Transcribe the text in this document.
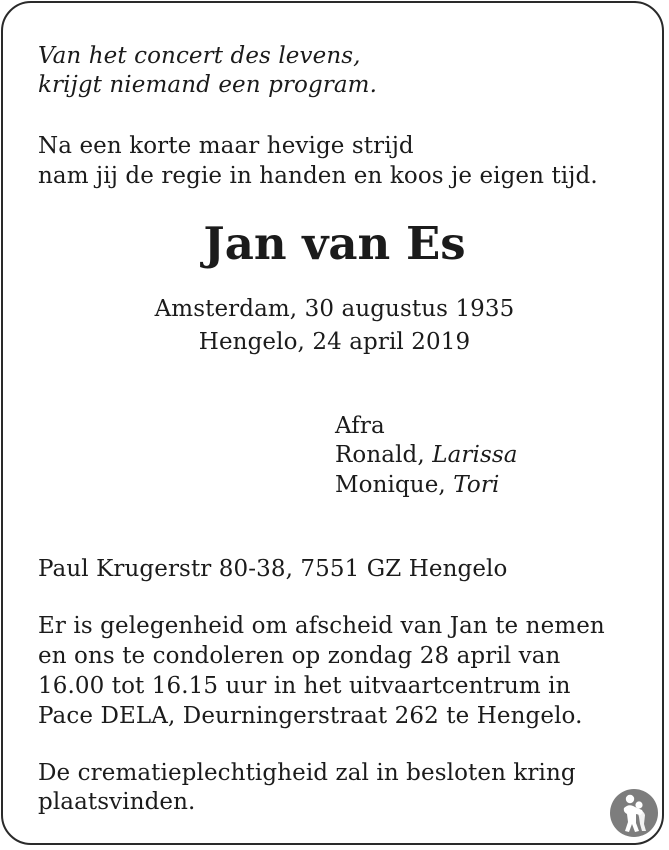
Van het concert des levens,

krijgt niemand een program.

Na een korte maar hevige strijd

nam jij de regie in handen en koos je eigen tijd.

Jan van Es

Amsterdam, 30 augustus 1935

Hengelo, 24 april 2019

Afra

Ronald, Larissa

Monique, Tori

Paul Krugerstr 80-38, 7551 GZ Hengelo

Er is gelegenheid om afscheid van Jan te nemen

en ons te condoleren op zondag 28 april van

16.00 tot 16.15 uur in het uitvaartcentrum in

Pace DELA, Deurningerstraat 262 te Hengelo.

De crematieplechtigheid zal in besloten kring

plaatsvinden.
